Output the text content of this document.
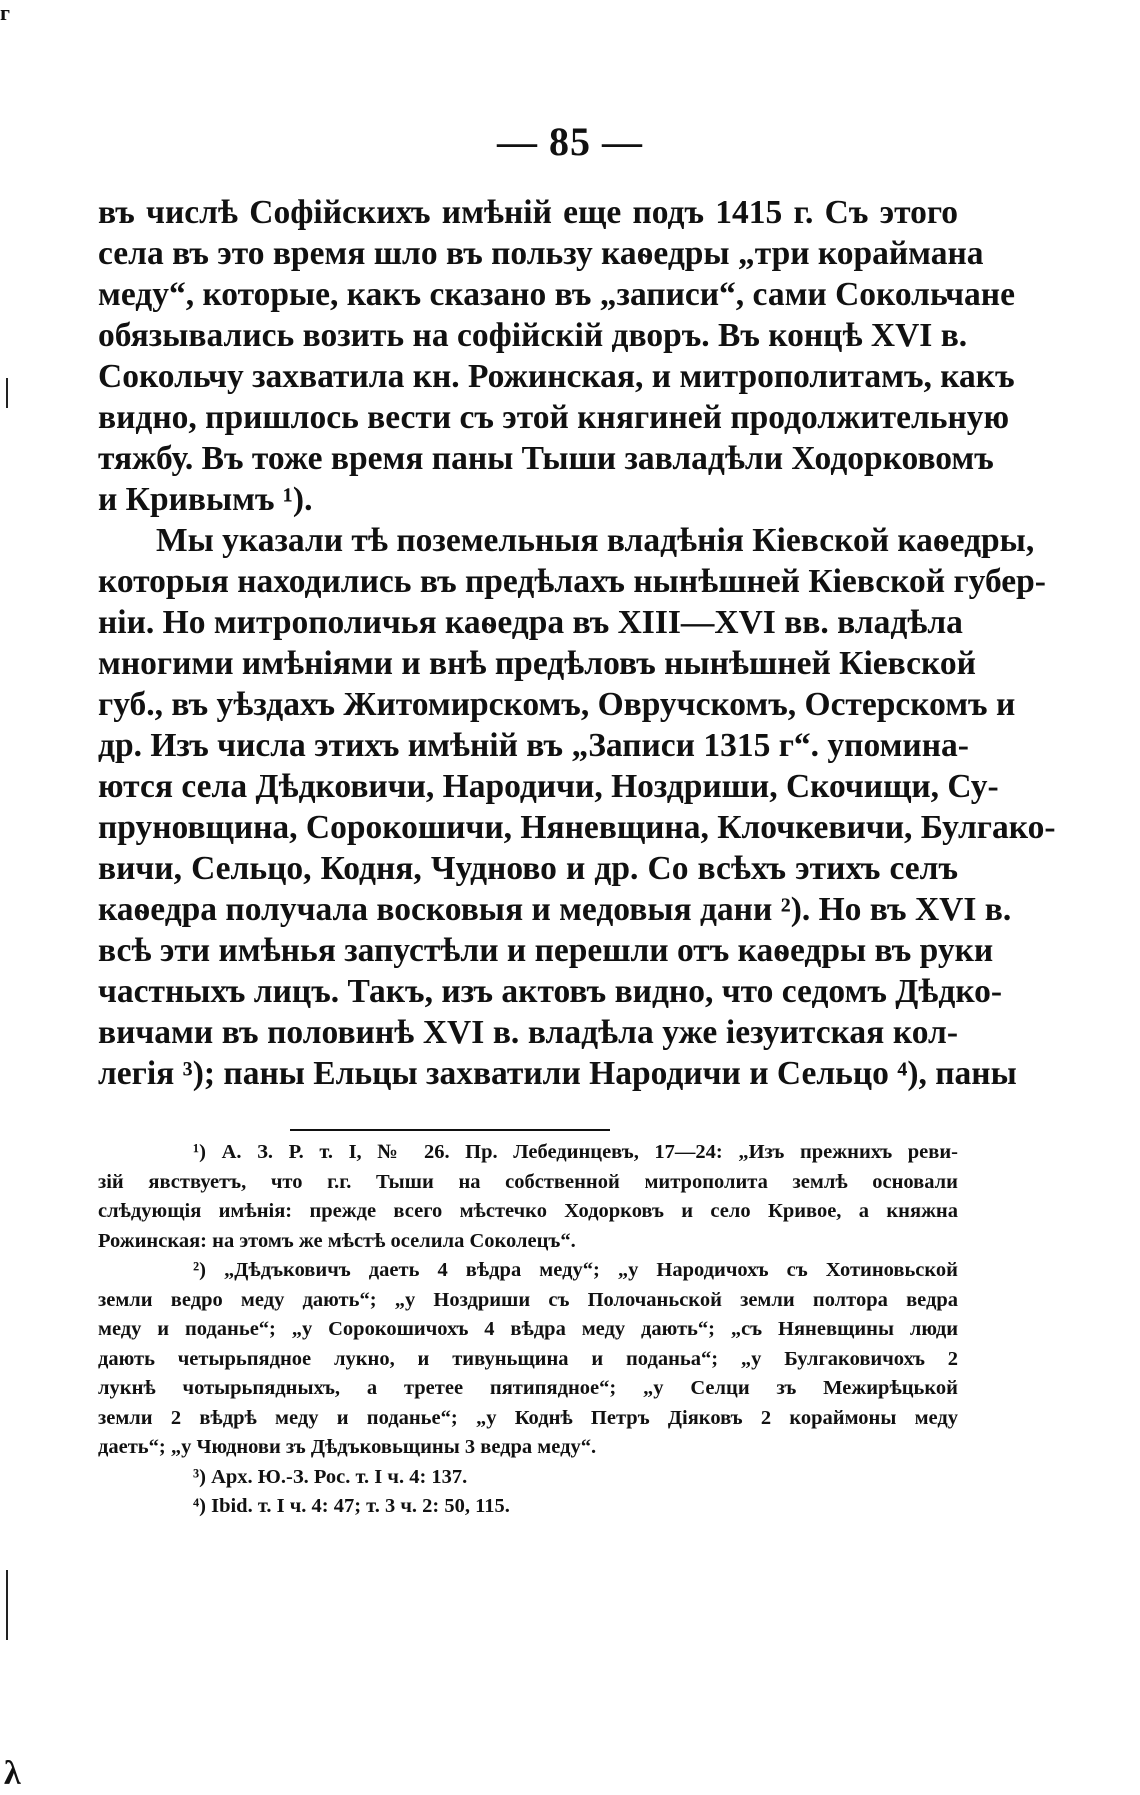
г
— 85 —
въ числѣ Софійскихъ имѣній еще подъ 1415 г. Съ этого
села въ это время шло въ пользу каѳедры „три кораймана
меду“, которые, какъ сказано въ „записи“, сами Сокольчане
обязывались возить на софійскій дворъ. Въ концѣ XVI в.
Сокольчу захватила кн. Рожинская, и митрополитамъ, какъ
видно, пришлось вести съ этой княгиней продолжительную
тяжбу. Въ тоже время паны Тыши завладѣли Ходорковомъ
и Кривымъ ¹).
Мы указали тѣ поземельныя владѣнія Кіевской каѳедры,
которыя находились въ предѣлахъ нынѣшней Кіевской губер-
ніи. Но митрополичья каѳедра въ XIII—XVI вв. владѣла
многими имѣніями и внѣ предѣловъ нынѣшней Кіевской
губ., въ уѣздахъ Житомирскомъ, Овручскомъ, Остерскомъ и
др. Изъ числа этихъ имѣній въ „Записи 1315 г“. упомина-
ются села Дѣдковичи, Народичи, Ноздриши, Скочищи, Су-
пруновщина, Сорокошичи, Няневщина, Клочкевичи, Булгако-
вичи, Сельцо, Кодня, Чудново и др. Со всѣхъ этихъ селъ
каѳедра получала восковыя и медовыя дани ²). Но въ XVI в.
всѣ эти имѣнья запустѣли и перешли отъ каѳедры въ руки
частныхъ лицъ. Такъ, изъ актовъ видно, что седомъ Дѣдко-
вичами въ половинѣ XVI в. владѣла уже іезуитская кол-
легія ³); паны Ельцы захватили Народичи и Сельцо ⁴), паны
¹) А. З. Р. т. I, № 26. Пр. Лебединцевъ, 17—24: „Изъ прежнихъ реви-
зій явствуетъ, что г.г. Тыши на собственной митрополита землѣ основали
слѣдующія имѣнія: прежде всего мѣстечко Ходорковъ и село Кривое, а княжна
Рожинская: на этомъ же мѣстѣ оселила Соколецъ“.
²) „Дѣдъковичъ даеть 4 вѣдра меду“; „у Народичохъ съ Хотиновьской
земли ведро меду дають“; „у Ноздриши съ Полочаньской земли полтора ведра
меду и поданье“; „у Сорокошичохъ 4 вѣдра меду дають“; „съ Няневщины люди
дають четырьпядное лукно, и тивуньщина и поданьа“; „у Булгаковичохъ 2
лукнѣ чотырьпядныхъ, а третее пятипядное“; „у Селци зъ Межирѣцькой
земли 2 вѣдрѣ меду и поданье“; „у Коднѣ Петръ Діяковъ 2 кораймоны меду
даеть“; „у Чюднови зъ Дѣдъковьщины 3 ведра меду“.
³) Арх. Ю.-З. Рос. т. I ч. 4: 137.
⁴) Ibid. т. I ч. 4: 47; т. 3 ч. 2: 50, 115.
λ
